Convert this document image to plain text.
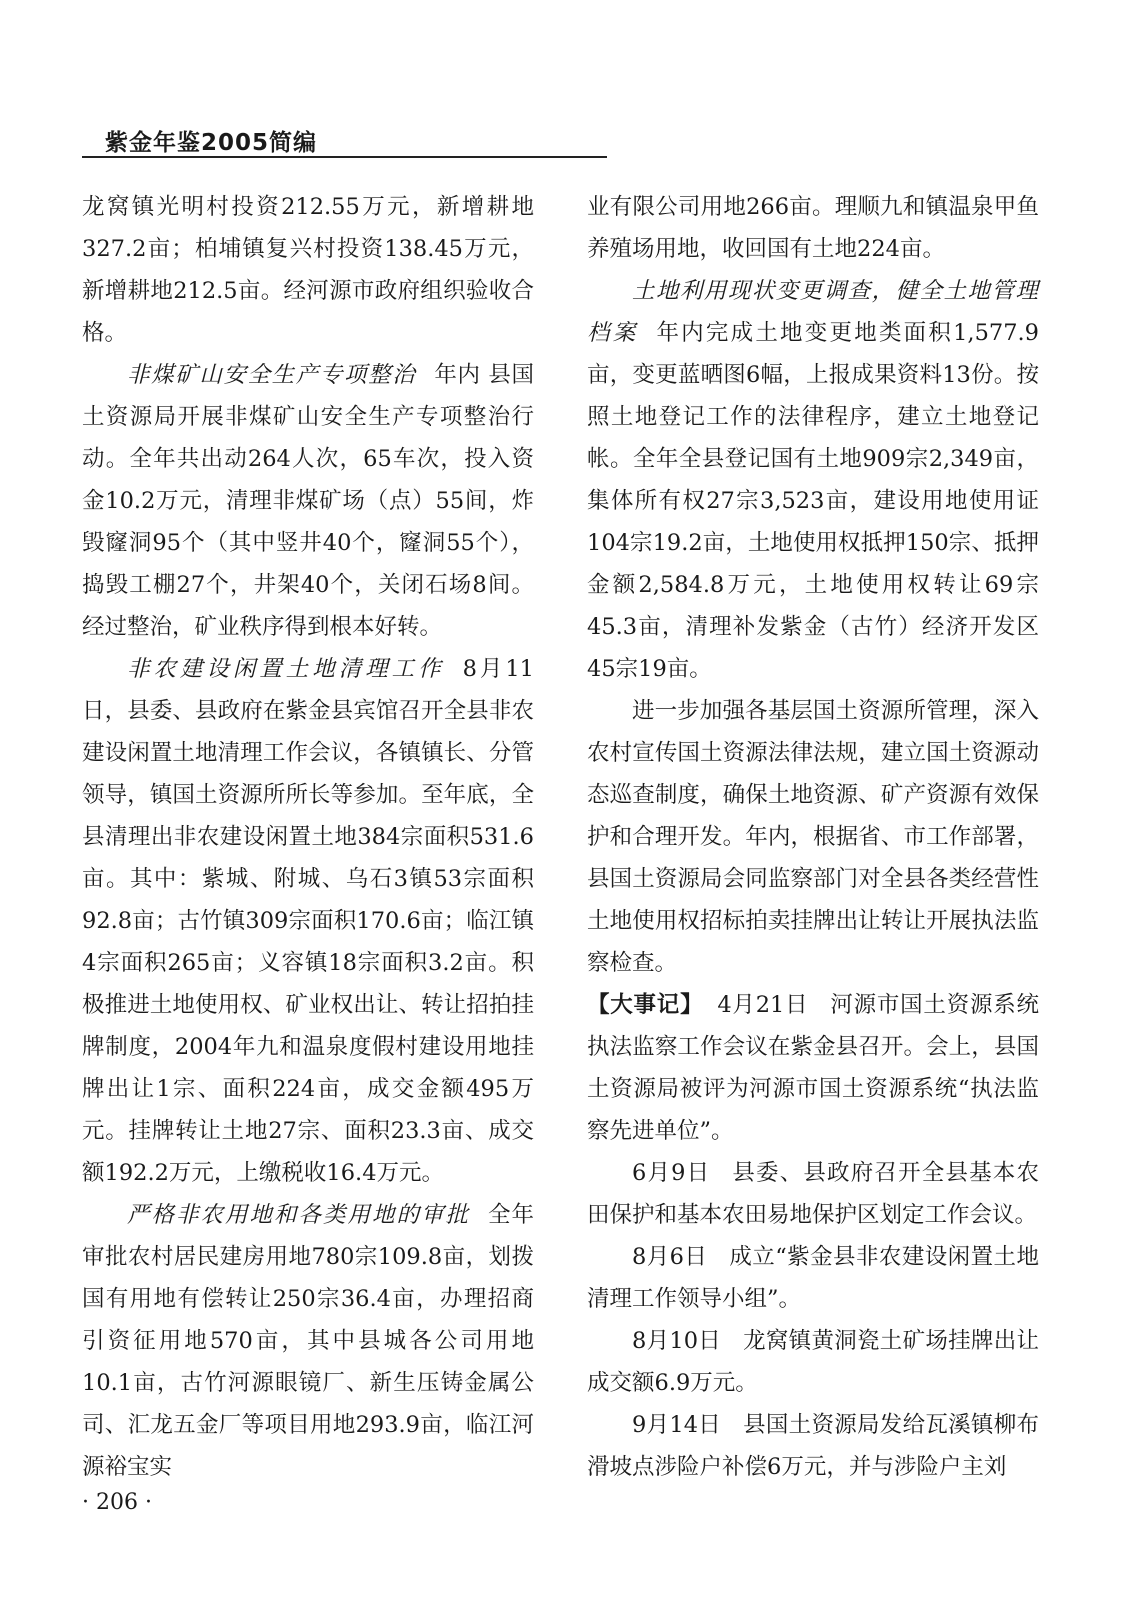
紫金年鉴2005简编

龙窝镇光明村投资212.55万元，新增耕地327.2亩；柏埔镇复兴村投资138.45万元，新增耕地212.5亩。经河源市政府组织验收合格。

非煤矿山安全生产专项整治 年内 县国土资源局开展非煤矿山安全生产专项整治行动。全年共出动264人次，65车次，投入资金10.2万元，清理非煤矿场（点）55间，炸毁窿洞95个（其中竖井40个，窿洞55个），捣毁工棚27个，井架40个，关闭石场8间。经过整治，矿业秩序得到根本好转。

非农建设闲置土地清理工作 8月11日，县委、县政府在紫金县宾馆召开全县非农建设闲置土地清理工作会议，各镇镇长、分管领导，镇国土资源所所长等参加。至年底，全县清理出非农建设闲置土地384宗面积531.6亩。其中：紫城、附城、乌石3镇53宗面积92.8亩；古竹镇309宗面积170.6亩；临江镇4宗面积265亩；义容镇18宗面积3.2亩。积极推进土地使用权、矿业权出让、转让招拍挂牌制度，2004年九和温泉度假村建设用地挂牌出让1宗、面积224亩，成交金额495万元。挂牌转让土地27宗、面积23.3亩、成交额192.2万元，上缴税收16.4万元。

严格非农用地和各类用地的审批 全年审批农村居民建房用地780宗109.8亩，划拨国有用地有偿转让250宗36.4亩，办理招商引资征用地570亩，其中县城各公司用地10.1亩，古竹河源眼镜厂、新生压铸金属公司、汇龙五金厂等项目用地293.9亩，临江河源裕宝实

业有限公司用地266亩。理顺九和镇温泉甲鱼养殖场用地，收回国有土地224亩。

土地利用现状变更调查，健全土地管理档案 年内完成土地变更地类面积1,577.9亩，变更蓝晒图6幅，上报成果资料13份。按照土地登记工作的法律程序，建立土地登记帐。全年全县登记国有土地909宗2,349亩，集体所有权27宗3,523亩，建设用地使用证104宗19.2亩，土地使用权抵押150宗、抵押金额2,584.8万元，土地使用权转让69宗45.3亩，清理补发紫金（古竹）经济开发区45宗19亩。

进一步加强各基层国土资源所管理，深入农村宣传国土资源法律法规，建立国土资源动态巡查制度，确保土地资源、矿产资源有效保护和合理开发。年内，根据省、市工作部署，县国土资源局会同监察部门对全县各类经营性土地使用权招标拍卖挂牌出让转让开展执法监察检查。

【大事记】 4月21日 河源市国土资源系统执法监察工作会议在紫金县召开。会上，县国土资源局被评为河源市国土资源系统“执法监察先进单位”。

6月9日 县委、县政府召开全县基本农田保护和基本农田易地保护区划定工作会议。

8月6日 成立“紫金县非农建设闲置土地清理工作领导小组”。

8月10日 龙窝镇黄洞瓷土矿场挂牌出让成交额6.9万元。

9月14日 县国土资源局发给瓦溪镇柳布滑坡点涉险户补偿6万元，并与涉险户主刘

· 206 ·
